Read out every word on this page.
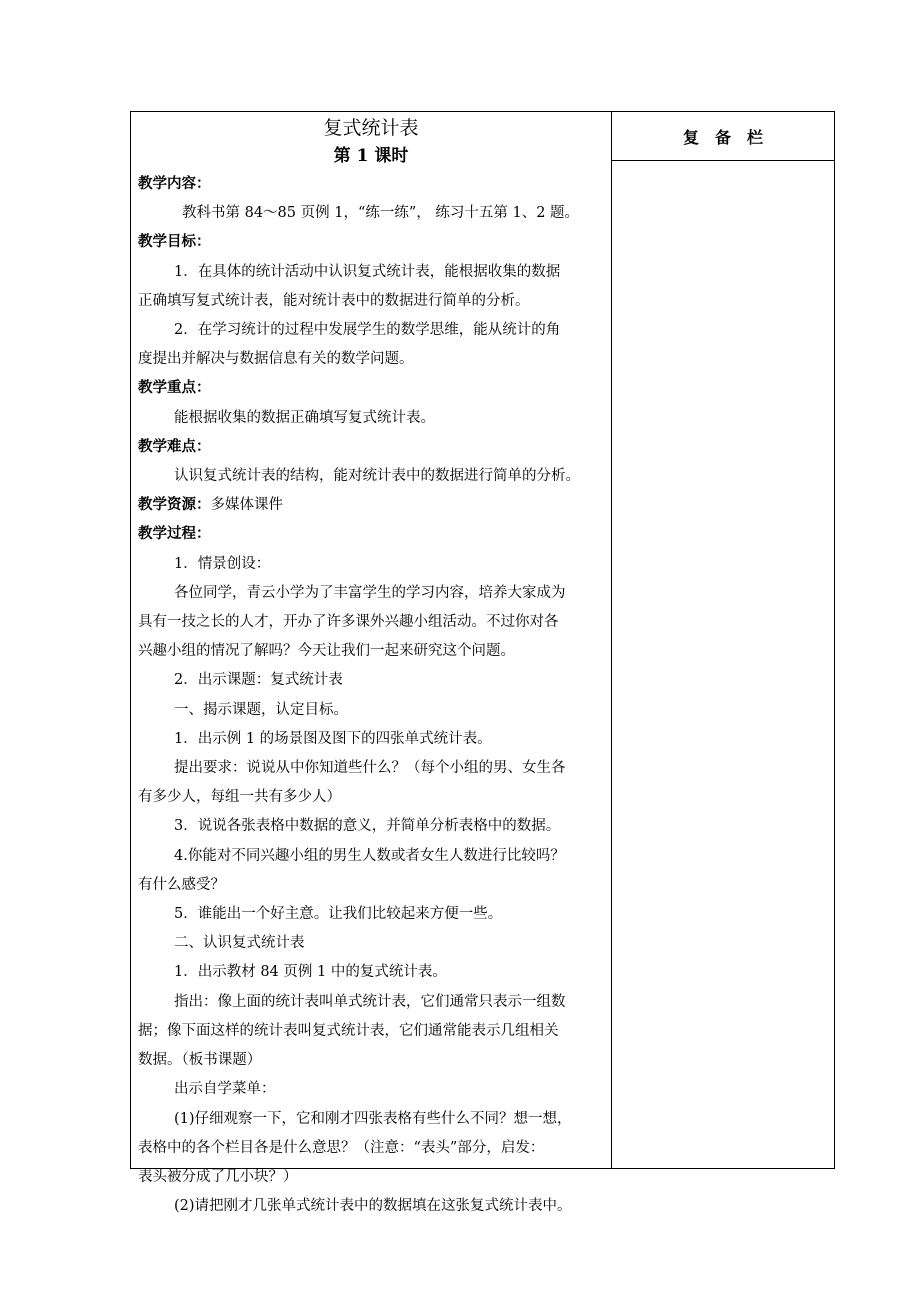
复式统计表
第 1 课时
教学内容：
教科书第 84～85 页例 1，“练一练”， 练习十五第 1、2 题。
教学目标：
1．在具体的统计活动中认识复式统计表，能根据收集的数据
正确填写复式统计表，能对统计表中的数据进行简单的分析。
2．在学习统计的过程中发展学生的数学思维，能从统计的角
度提出并解决与数据信息有关的数学问题。
教学重点：
能根据收集的数据正确填写复式统计表。
教学难点：
认识复式统计表的结构，能对统计表中的数据进行简单的分析。
教学资源：多媒体课件
教学过程：
1．情景创设：
各位同学，青云小学为了丰富学生的学习内容，培养大家成为
具有一技之长的人才，开办了许多课外兴趣小组活动。不过你对各
兴趣小组的情况了解吗？今天让我们一起来研究这个问题。
2．出示课题：复式统计表
一、揭示课题，认定目标。
1．出示例 1 的场景图及图下的四张单式统计表。
提出要求：说说从中你知道些什么？（每个小组的男、女生各
有多少人，每组一共有多少人）
3．说说各张表格中数据的意义，并简单分析表格中的数据。
4.你能对不同兴趣小组的男生人数或者女生人数进行比较吗？
有什么感受？
5．谁能出一个好主意。让我们比较起来方便一些。
二、认识复式统计表
1．出示教材 84 页例 1 中的复式统计表。
指出：像上面的统计表叫单式统计表，它们通常只表示一组数
据；像下面这样的统计表叫复式统计表，它们通常能表示几组相关
数据。（板书课题）
出示自学菜单：
(1)仔细观察一下，它和刚才四张表格有些什么不同？想一想，
表格中的各个栏目各是什么意思？（注意：“表头”部分，启发：
表头被分成了几小块？）
(2)请把刚才几张单式统计表中的数据填在这张复式统计表中。
复　备　栏
